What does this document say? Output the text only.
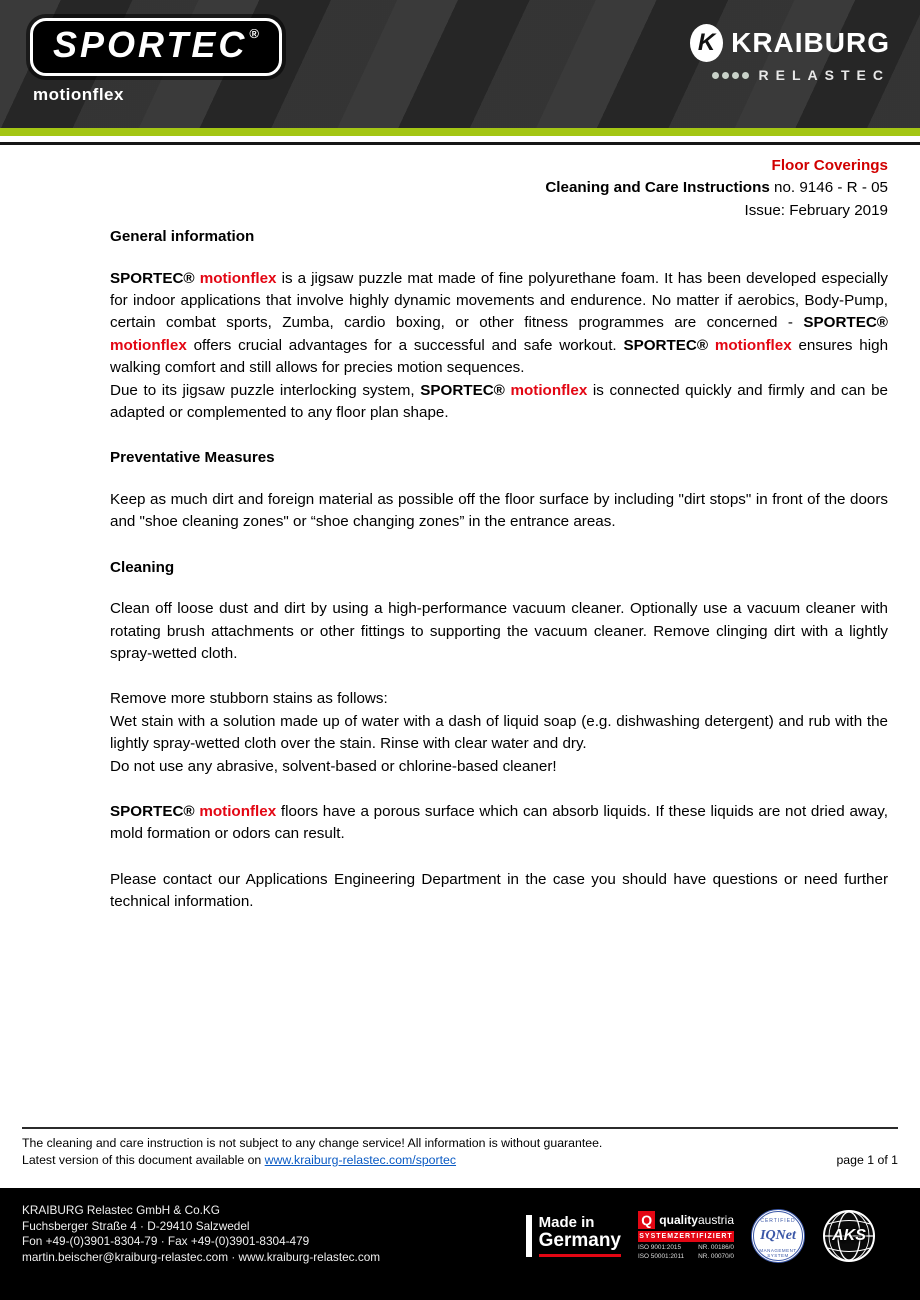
SPORTEC ®
motionflex
K KRAIBURG
RELASTEC
Floor Coverings
Cleaning and Care Instructions no. 9146 - R - 05
Issue: February 2019
General information

SPORTEC® motionflex is a jigsaw puzzle mat made of fine polyurethane foam. It has been developed especially for indoor applications that involve highly dynamic movements and endurence. No matter if aerobics, Body-Pump, certain combat sports, Zumba, cardio boxing, or other fitness programmes are concerned - SPORTEC® motionflex offers crucial advantages for a successful and safe workout. SPORTEC® motionflex ensures high walking comfort and still allows for precies motion sequences.

Due to its jigsaw puzzle interlocking system, SPORTEC® motionflex is connected quickly and firmly and can be adapted or complemented to any floor plan shape.

Preventative Measures

Keep as much dirt and foreign material as possible off the floor surface by including "dirt stops" in front of the doors and "shoe cleaning zones" or “shoe changing zones” in the entrance areas.

Cleaning

Clean off loose dust and dirt by using a high-performance vacuum cleaner. Optionally use a vacuum cleaner with rotating brush attachments or other fittings to supporting the vacuum cleaner. Remove clinging dirt with a lightly spray-wetted cloth.

Remove more stubborn stains as follows:

Wet stain with a solution made up of water with a dash of liquid soap (e.g. dishwashing detergent) and rub with the lightly spray-wetted cloth over the stain. Rinse with clear water and dry.

Do not use any abrasive, solvent-based or chlorine-based cleaner!

SPORTEC® motionflex floors have a porous surface which can absorb liquids. If these liquids are not dried away, mold formation or odors can result.

Please contact our Applications Engineering Department in the case you should have questions or need further technical information.

The cleaning and care instruction is not subject to any change service! All information is without guarantee.
Latest version of this document available on www.kraiburg-relastec.com/sportec	page 1 of 1
KRAIBURG Relastec GmbH & Co.KG
Fuchsberger Straße 4 · D-29410 Salzwedel
Fon +49-(0)3901-8304-79 · Fax +49-(0)3901-8304-479
martin.beischer@kraiburg-relastec.com · www.kraiburg-relastec.com
Made in
Germany
Q qualityaustria
SYSTEMZERTIFIZIERT
ISO 9001:2015
ISO 50001:2011
NR. 00186/0
NR. 00070/0
CERTIFIED
IQNet
MANAGEMENT SYSTEM
AKS
